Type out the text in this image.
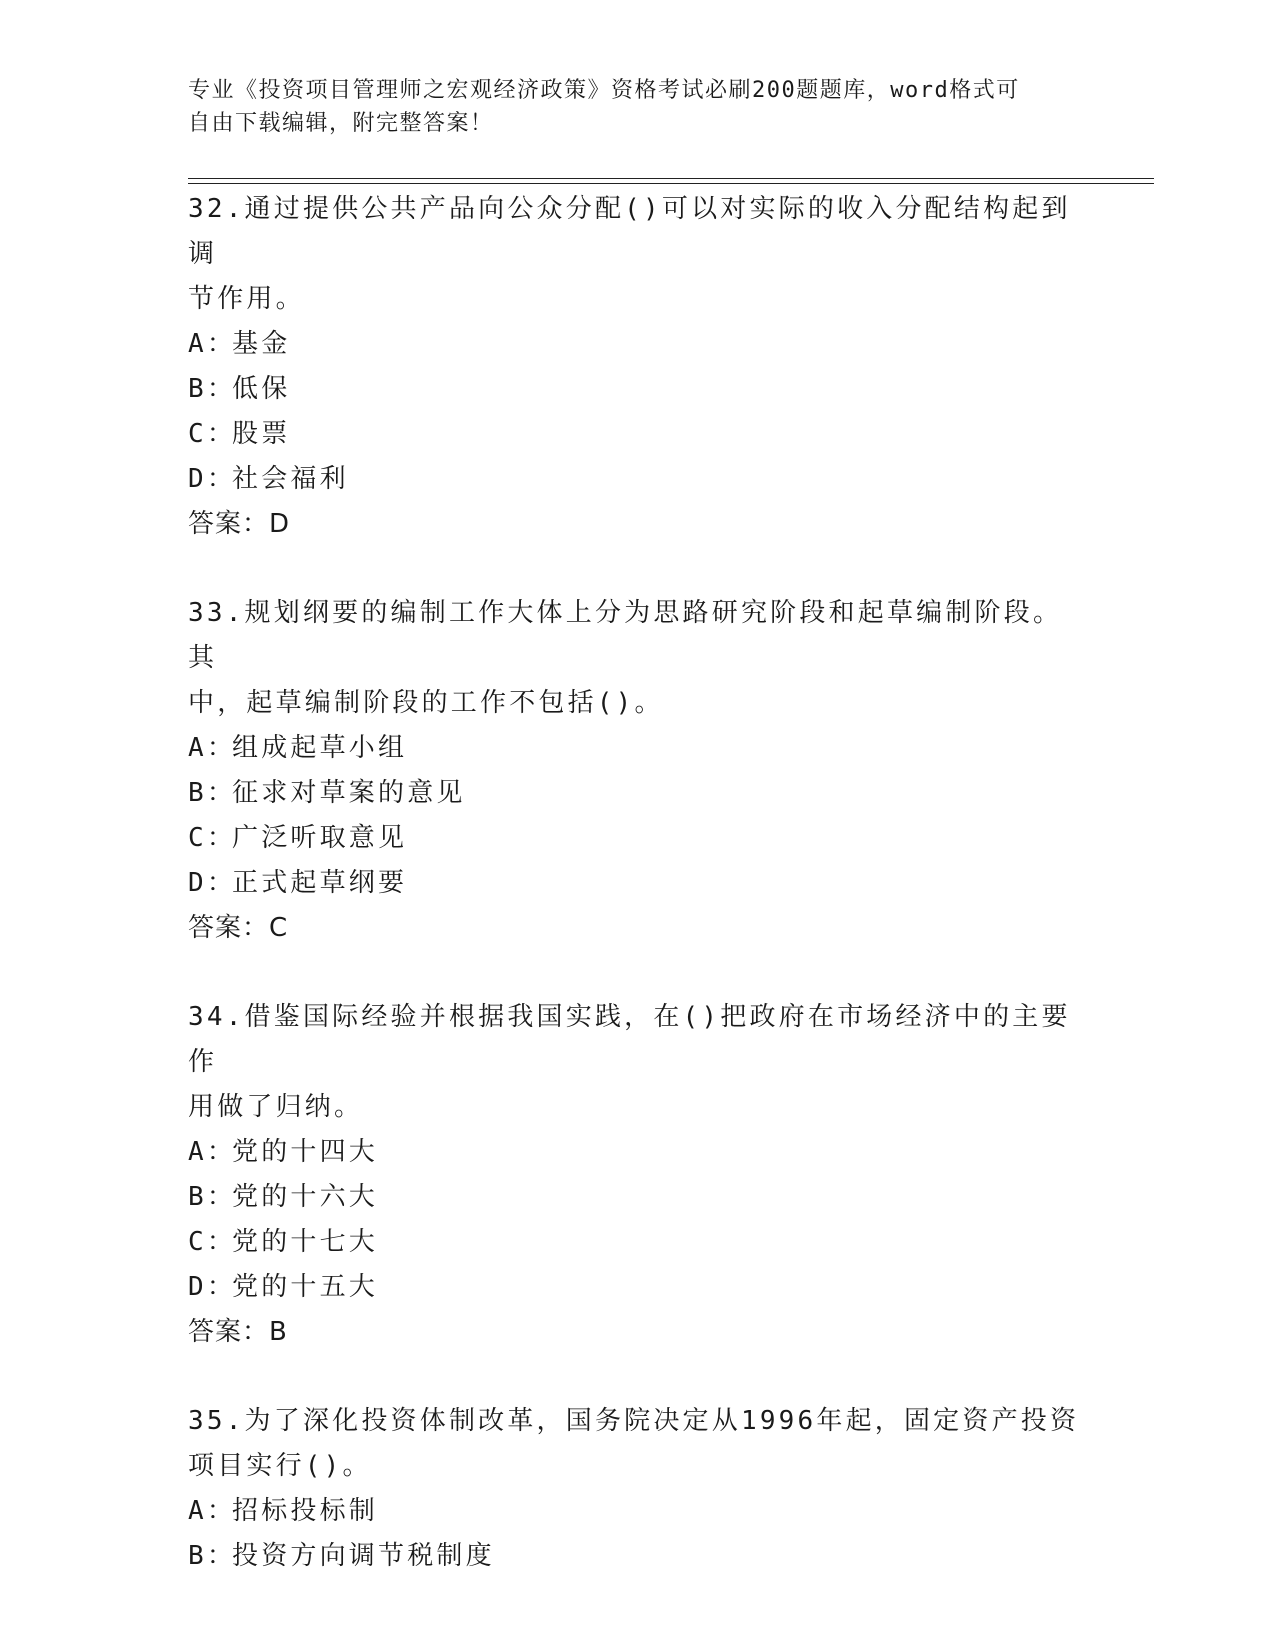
专业《投资项目管理师之宏观经济政策》资格考试必刷200题题库，word格式可
自由下载编辑，附完整答案！

32.通过提供公共产品向公众分配()可以对实际的收入分配结构起到调
节作用。

A：基金

B：低保

C：股票

D：社会福利

答案：D

33.规划纲要的编制工作大体上分为思路研究阶段和起草编制阶段。其
中，起草编制阶段的工作不包括()。

A：组成起草小组

B：征求对草案的意见

C：广泛听取意见

D：正式起草纲要

答案：C

34.借鉴国际经验并根据我国实践，在()把政府在市场经济中的主要作
用做了归纳。

A：党的十四大

B：党的十六大

C：党的十七大

D：党的十五大

答案：B

35.为了深化投资体制改革，国务院决定从1996年起，固定资产投资
项目实行()。

A：招标投标制

B：投资方向调节税制度
